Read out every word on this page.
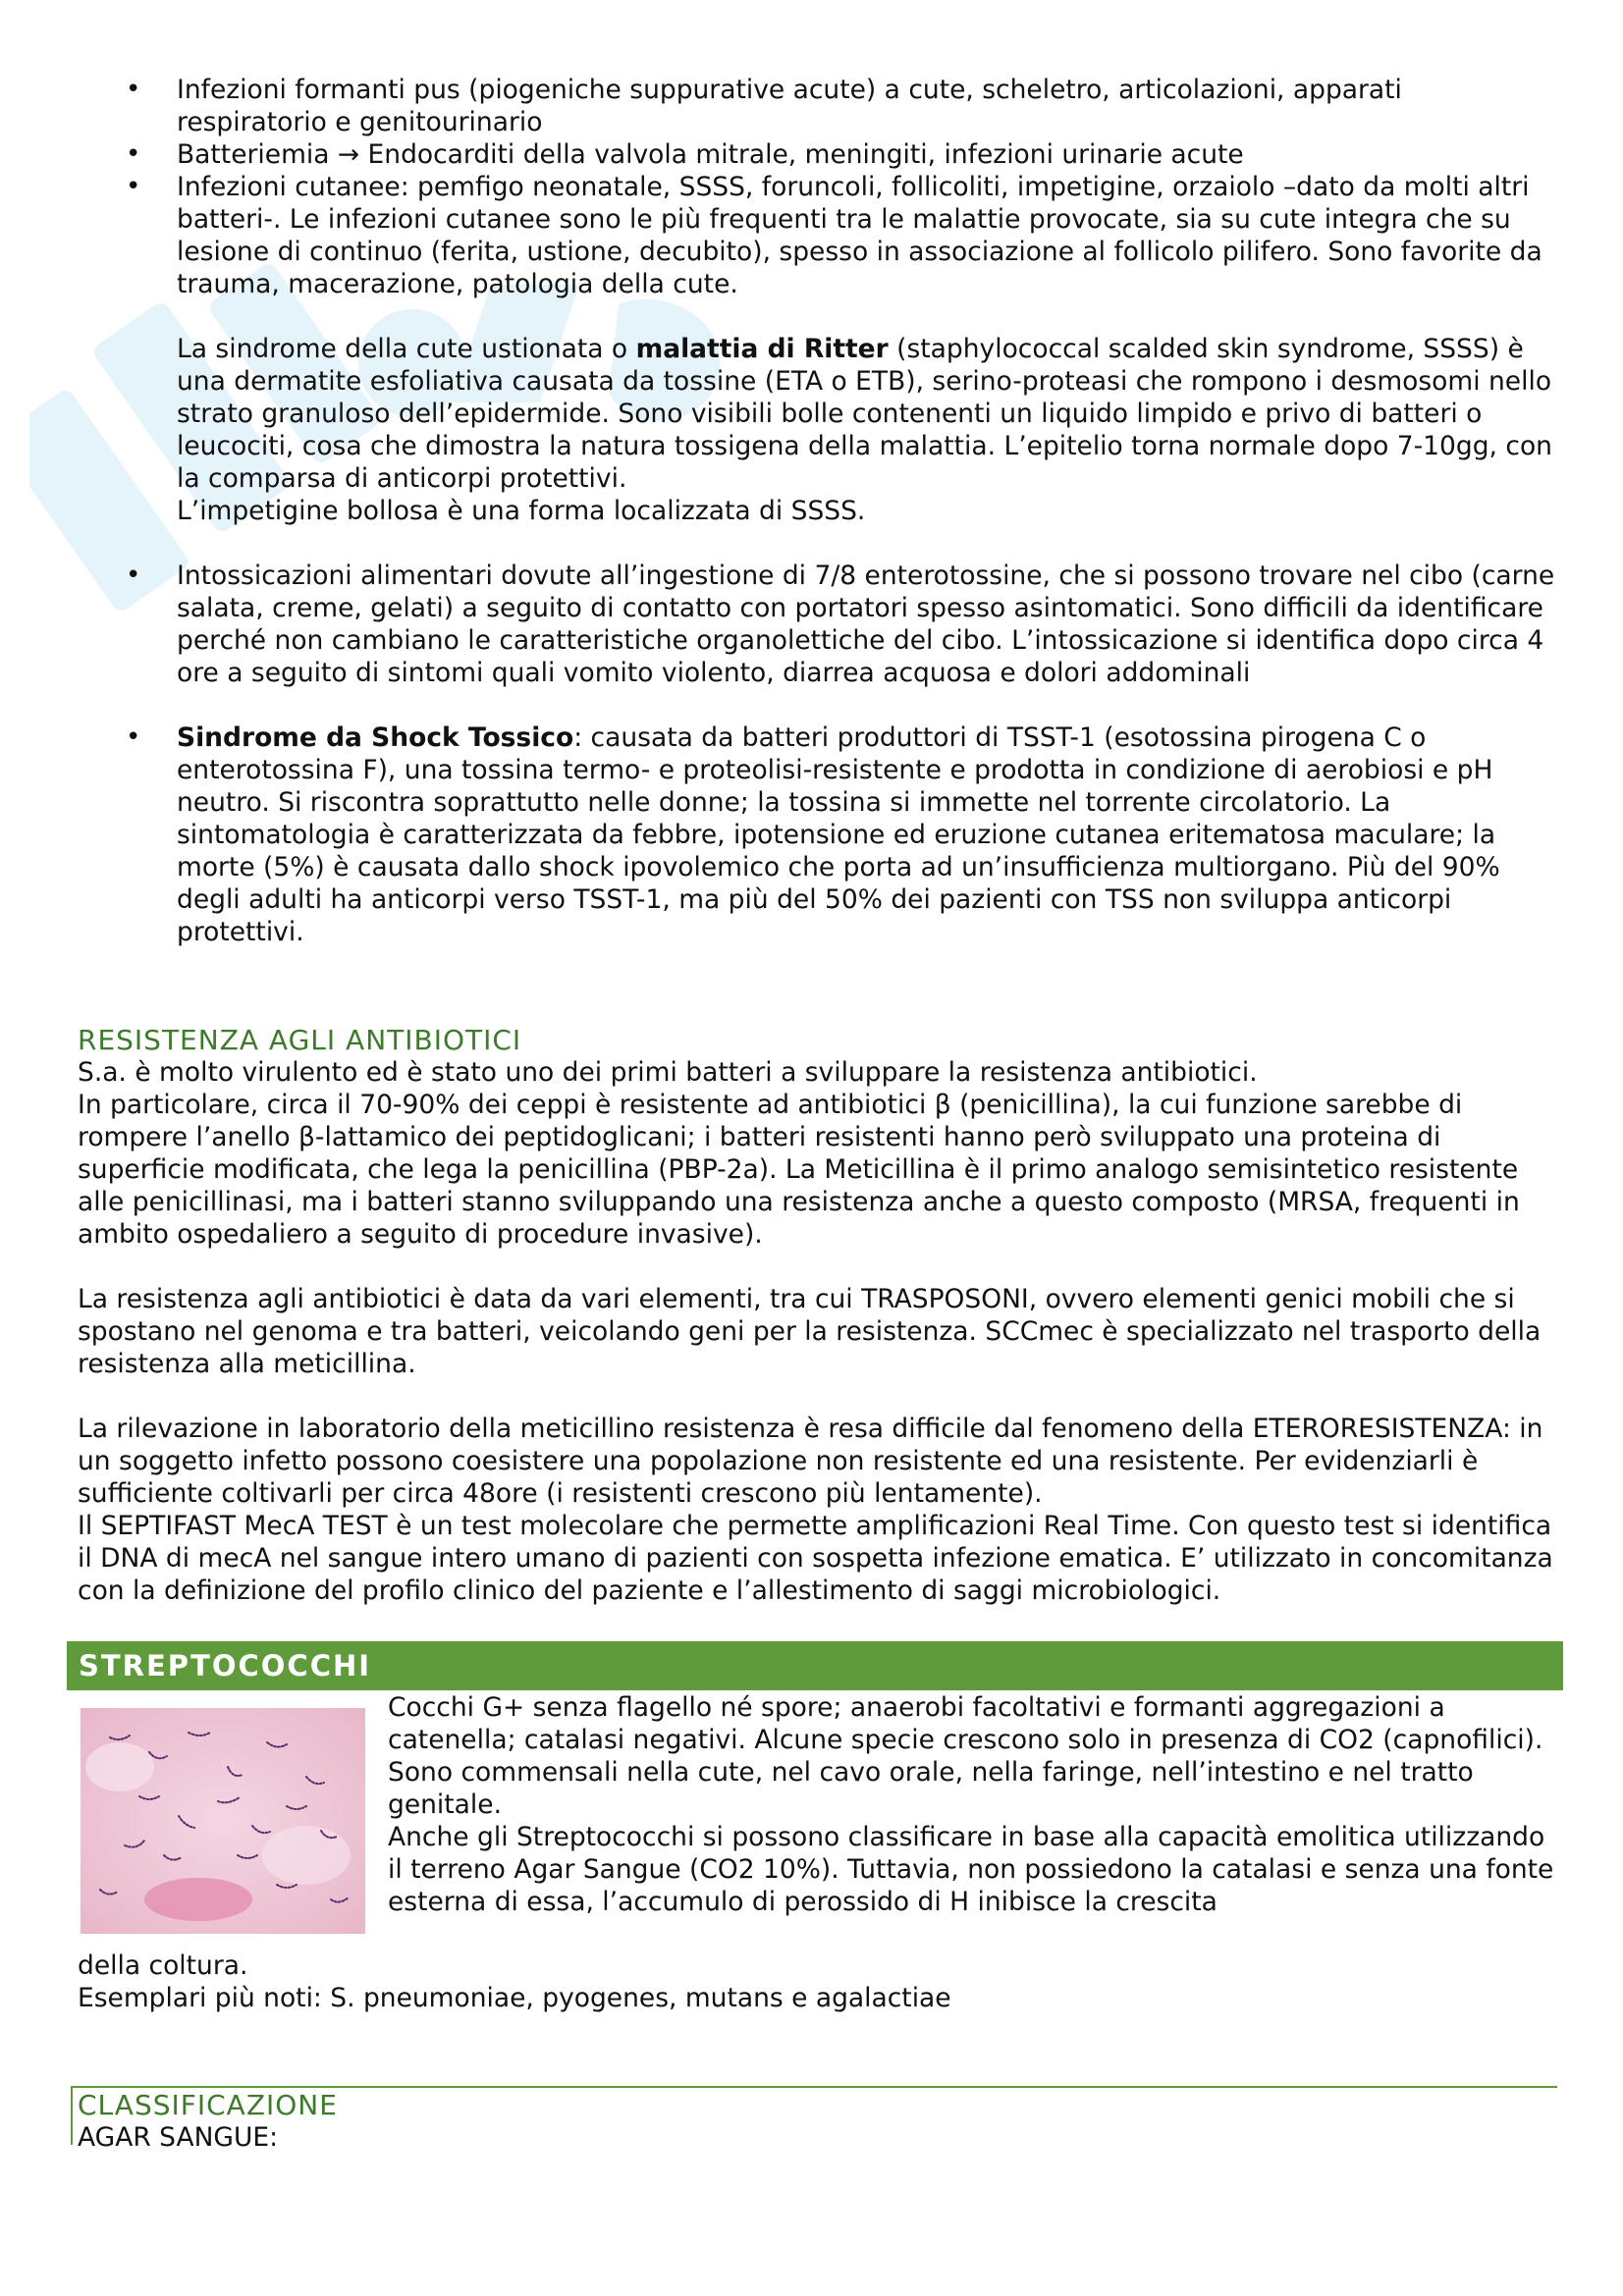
• Infezioni formanti pus (piogeniche suppurative acute) a cute, scheletro, articolazioni, apparati respiratorio e genitourinario

• Batteriemia → Endocarditi della valvola mitrale, meningiti, infezioni urinarie acute

• Infezioni cutanee: pemfigo neonatale, SSSS, foruncoli, follicoliti, impetigine, orzaiolo –dato da molti altri batteri-. Le infezioni cutanee sono le più frequenti tra le malattie provocate, sia su cute integra che su lesione di continuo (ferita, ustione, decubito), spesso in associazione al follicolo pilifero. Sono favorite da trauma, macerazione, patologia della cute.

La sindrome della cute ustionata o malattia di Ritter (staphylococcal scalded skin syndrome, SSSS) è una dermatite esfoliativa causata da tossine (ETA o ETB), serino-proteasi che rompono i desmosomi nello strato granuloso dell’epidermide. Sono visibili bolle contenenti un liquido limpido e privo di batteri o leucociti, cosa che dimostra la natura tossigena della malattia. L’epitelio torna normale dopo 7-10gg, con la comparsa di anticorpi protettivi.

L’impetigine bollosa è una forma localizzata di SSSS.

• Intossicazioni alimentari dovute all’ingestione di 7/8 enterotossine, che si possono trovare nel cibo (carne salata, creme, gelati) a seguito di contatto con portatori spesso asintomatici. Sono difficili da identificare perché non cambiano le caratteristiche organolettiche del cibo. L’intossicazione si identifica dopo circa 4 ore a seguito di sintomi quali vomito violento, diarrea acquosa e dolori addominali

• Sindrome da Shock Tossico: causata da batteri produttori di TSST-1 (esotossina pirogena C o enterotossina F), una tossina termo- e proteolisi-resistente e prodotta in condizione di aerobiosi e pH neutro. Si riscontra soprattutto nelle donne; la tossina si immette nel torrente circolatorio. La sintomatologia è caratterizzata da febbre, ipotensione ed eruzione cutanea eritematosa maculare; la morte (5%) è causata dallo shock ipovolemico che porta ad un’insufficienza multiorgano. Più del 90% degli adulti ha anticorpi verso TSST-1, ma più del 50% dei pazienti con TSS non sviluppa anticorpi protettivi.

RESISTENZA AGLI ANTIBIOTICI

S.a. è molto virulento ed è stato uno dei primi batteri a sviluppare la resistenza antibiotici.

In particolare, circa il 70-90% dei ceppi è resistente ad antibiotici β (penicillina), la cui funzione sarebbe di rompere l’anello β-lattamico dei peptidoglicani; i batteri resistenti hanno però sviluppato una proteina di superficie modificata, che lega la penicillina (PBP-2a). La Meticillina è il primo analogo semisintetico resistente alle penicillinasi, ma i batteri stanno sviluppando una resistenza anche a questo composto (MRSA, frequenti in ambito ospedaliero a seguito di procedure invasive).

La resistenza agli antibiotici è data da vari elementi, tra cui TRASPOSONI, ovvero elementi genici mobili che si spostano nel genoma e tra batteri, veicolando geni per la resistenza. SCCmec è specializzato nel trasporto della resistenza alla meticillina.

La rilevazione in laboratorio della meticillino resistenza è resa difficile dal fenomeno della ETERORESISTENZA: in un soggetto infetto possono coesistere una popolazione non resistente ed una resistente. Per evidenziarli è sufficiente coltivarli per circa 48ore (i resistenti crescono più lentamente).

Il SEPTIFAST MecA TEST è un test molecolare che permette amplificazioni Real Time. Con questo test si identifica il DNA di mecA nel sangue intero umano di pazienti con sospetta infezione ematica. E’ utilizzato in concomitanza con la definizione del profilo clinico del paziente e l’allestimento di saggi microbiologici.

STREPTOCOCCHI

Cocchi G+ senza flagello né spore; anaerobi facoltativi e formanti aggregazioni a catenella; catalasi negativi. Alcune specie crescono solo in presenza di CO2 (capnofilici).

Sono commensali nella cute, nel cavo orale, nella faringe, nell’intestino e nel tratto genitale.

Anche gli Streptococchi si possono classificare in base alla capacità emolitica utilizzando il terreno Agar Sangue (CO2 10%). Tuttavia, non possiedono la catalasi e senza una fonte esterna di essa, l’accumulo di perossido di H inibisce la crescita

della coltura.

Esemplari più noti: S. pneumoniae, pyogenes, mutans e agalactiae

CLASSIFICAZIONE

AGAR SANGUE:
